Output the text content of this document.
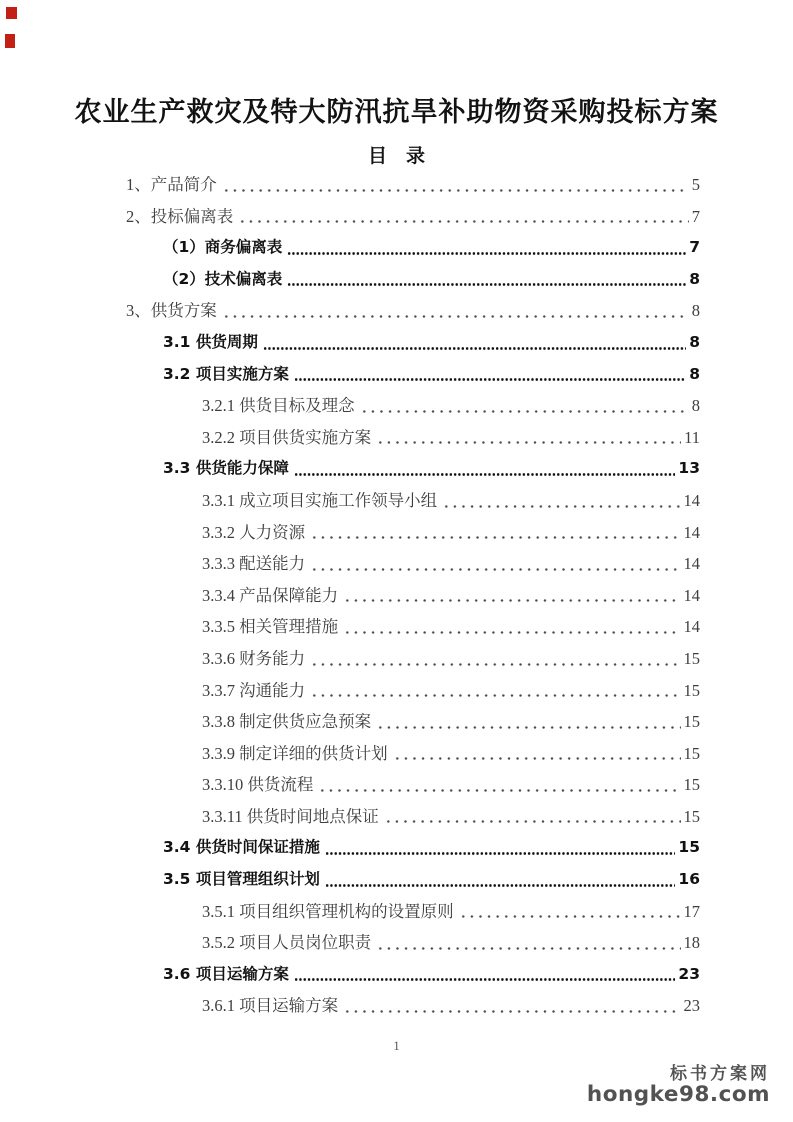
农业生产救灾及特大防汛抗旱补助物资采购投标方案
目　录
1、产品简介	5
2、投标偏离表	7
（1）商务偏离表	7
（2）技术偏离表	8
3、供货方案	8
3.1 供货周期	8
3.2 项目实施方案	8
3.2.1 供货目标及理念	8
3.2.2 项目供货实施方案	11
3.3 供货能力保障	13
3.3.1 成立项目实施工作领导小组	14
3.3.2 人力资源	14
3.3.3 配送能力	14
3.3.4 产品保障能力	14
3.3.5 相关管理措施	14
3.3.6 财务能力	15
3.3.7 沟通能力	15
3.3.8 制定供货应急预案	15
3.3.9 制定详细的供货计划	15
3.3.10 供货流程	15
3.3.11 供货时间地点保证	15
3.4 供货时间保证措施	15
3.5 项目管理组织计划	16
3.5.1 项目组织管理机构的设置原则	17
3.5.2 项目人员岗位职责	18
3.6 项目运输方案	23
3.6.1 项目运输方案	23
1
标书方案网
hongke98.com
